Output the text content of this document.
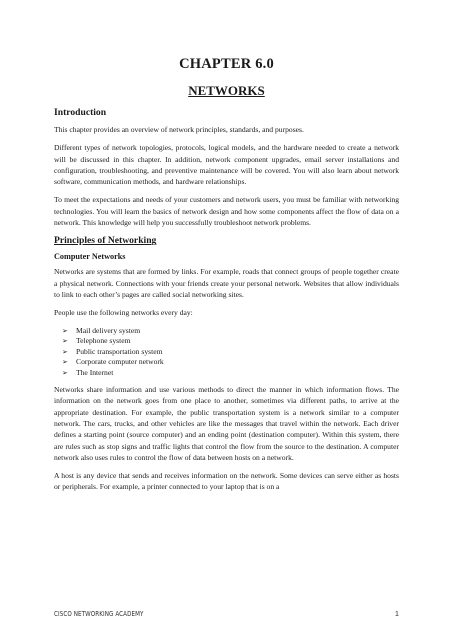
CHAPTER 6.0
NETWORKS
Introduction

This chapter provides an overview of network principles, standards, and purposes.

Different types of network topologies, protocols, logical models, and the hardware needed to create a network will be discussed in this chapter. In addition, network component upgrades, email server installations and configuration, troubleshooting, and preventive maintenance will be covered. You will also learn about network software, communication methods, and hardware relationships.

To meet the expectations and needs of your customers and network users, you must be familiar with networking technologies. You will learn the basics of network design and how some components affect the flow of data on a network. This knowledge will help you successfully troubleshoot network problems.

Principles of Networking
Computer Networks

Networks are systems that are formed by links. For example, roads that connect groups of people together create a physical network. Connections with your friends create your personal network. Websites that allow individuals to link to each other’s pages are called social networking sites.

People use the following networks every day:

➢	Mail delivery system
➢	Telephone system
➢	Public transportation system
➢	Corporate computer network
➢	The Internet

Networks share information and use various methods to direct the manner in which information flows. The information on the network goes from one place to another, sometimes via different paths, to arrive at the appropriate destination. For example, the public transportation system is a network similar to a computer network. The cars, trucks, and other vehicles are like the messages that travel within the network. Each driver defines a starting point (source computer) and an ending point (destination computer). Within this system, there are rules such as stop signs and traffic lights that control the flow from the source to the destination. A computer network also uses rules to control the flow of data between hosts on a network.

A host is any device that sends and receives information on the network. Some devices can serve either as hosts or peripherals. For example, a printer connected to your laptop that is on a

CISCO NETWORKING ACADEMY	1
